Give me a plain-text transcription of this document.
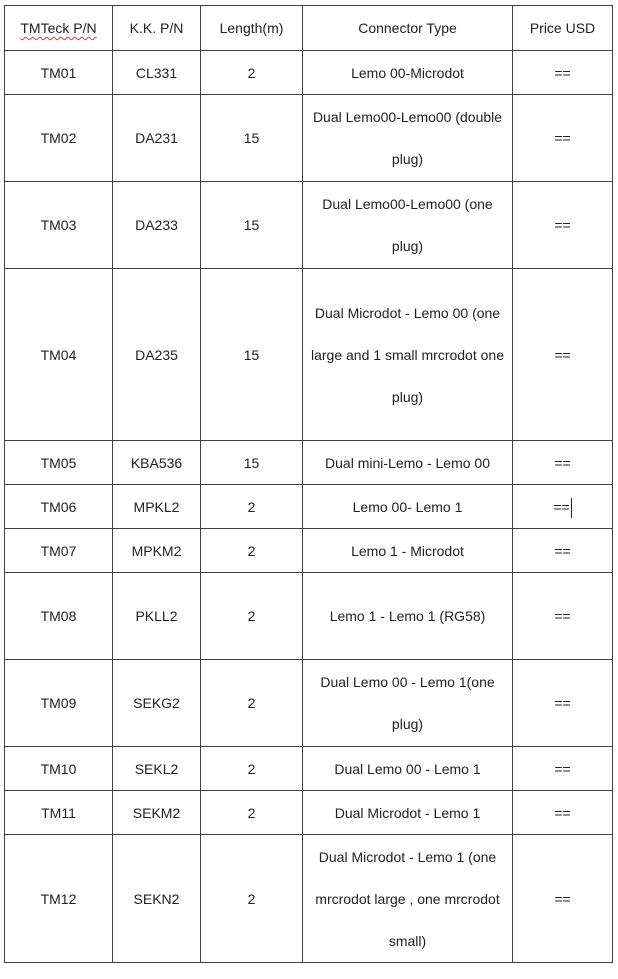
TMTeck P/N	K.K. P/N	Length(m)	Connector Type	Price USD
TM01	CL331	2	Lemo 00-Microdot	==
TM02	DA231	15	Dual Lemo00-Lemo00 (double plug)	==
TM03	DA233	15	Dual Lemo00-Lemo00 (one plug)	==
TM04	DA235	15	Dual Microdot - Lemo 00 (one large and 1 small mrcrodot one plug)	==
TM05	KBA536	15	Dual mini-Lemo - Lemo 00	==
TM06	MPKL2	2	Lemo 00- Lemo 1	==
TM07	MPKM2	2	Lemo 1 - Microdot	==
TM08	PKLL2	2	Lemo 1 - Lemo 1 (RG58)	==
TM09	SEKG2	2	Dual Lemo 00 - Lemo 1(one plug)	==
TM10	SEKL2	2	Dual Lemo 00 - Lemo 1	==
TM11	SEKM2	2	Dual Microdot - Lemo 1	==
TM12	SEKN2	2	Dual Microdot - Lemo 1 (one mrcrodot large , one mrcrodot small)	==
